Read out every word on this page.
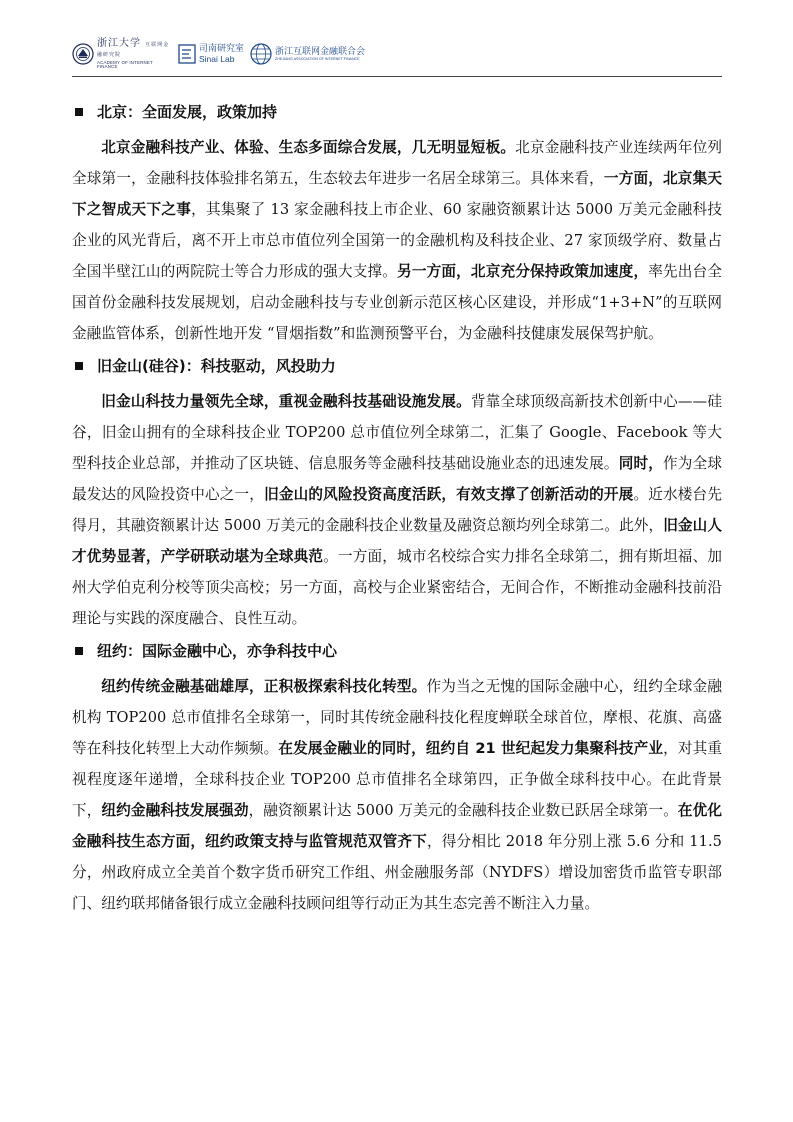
浙江大学 互联网金融研究院
ACADEMY OF INTERNET FINANCE
司南研究室
Sinai Lab
浙江互联网金融联合会
ZHEJIANG ASSOCIATION OF INTERNET FINANCE
北京：全面发展，政策加持

北京金融科技产业、体验、生态多面综合发展，几无明显短板。北京金融科技产业连续两年位列全球第一，金融科技体验排名第五，生态较去年进步一名居全球第三。具体来看，一方面，北京集天下之智成天下之事，其集聚了 13 家金融科技上市企业、60 家融资额累计达 5000 万美元金融科技企业的风光背后，离不开上市总市值位列全国第一的金融机构及科技企业、27 家顶级学府、数量占全国半壁江山的两院院士等合力形成的强大支撑。另一方面，北京充分保持政策加速度，率先出台全国首份金融科技发展规划，启动金融科技与专业创新示范区核心区建设，并形成“1+3+N”的互联网金融监管体系，创新性地开发 “冒烟指数”和监测预警平台，为金融科技健康发展保驾护航。

旧金山(硅谷)：科技驱动，风投助力

旧金山科技力量领先全球，重视金融科技基础设施发展。背靠全球顶级高新技术创新中心——硅谷，旧金山拥有的全球科技企业 TOP200 总市值位列全球第二，汇集了 Google、Facebook 等大型科技企业总部，并推动了区块链、信息服务等金融科技基础设施业态的迅速发展。同时，作为全球最发达的风险投资中心之一，旧金山的风险投资高度活跃，有效支撑了创新活动的开展。近水楼台先得月，其融资额累计达 5000 万美元的金融科技企业数量及融资总额均列全球第二。此外，旧金山人才优势显著，产学研联动堪为全球典范。一方面，城市名校综合实力排名全球第二，拥有斯坦福、加州大学伯克利分校等顶尖高校；另一方面，高校与企业紧密结合，无间合作，不断推动金融科技前沿理论与实践的深度融合、良性互动。

纽约：国际金融中心，亦争科技中心

纽约传统金融基础雄厚，正积极探索科技化转型。作为当之无愧的国际金融中心，纽约全球金融机构 TOP200 总市值排名全球第一，同时其传统金融科技化程度蝉联全球首位，摩根、花旗、高盛等在科技化转型上大动作频频。在发展金融业的同时，纽约自 21 世纪起发力集聚科技产业，对其重视程度逐年递增，全球科技企业 TOP200 总市值排名全球第四，正争做全球科技中心。在此背景下，纽约金融科技发展强劲，融资额累计达 5000 万美元的金融科技企业数已跃居全球第一。在优化金融科技生态方面，纽约政策支持与监管规范双管齐下，得分相比 2018 年分别上涨 5.6 分和 11.5 分，州政府成立全美首个数字货币研究工作组、州金融服务部（NYDFS）增设加密货币监管专职部门、纽约联邦储备银行成立金融科技顾问组等行动正为其生态完善不断注入力量。
